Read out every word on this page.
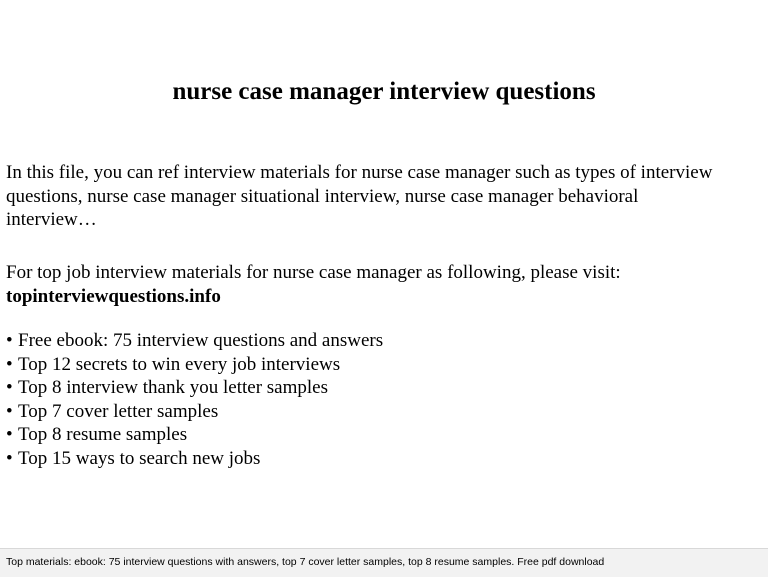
nurse case manager interview questions
In this file, you can ref interview materials for nurse case manager such as types of interview questions, nurse case manager situational interview, nurse case manager behavioral interview…
For top job interview materials for nurse case manager as following, please visit:
topinterviewquestions.info
• Free ebook: 75 interview questions and answers
• Top 12 secrets to win every job interviews
• Top 8 interview thank you letter samples
• Top 7 cover letter samples
• Top 8 resume samples
• Top 15 ways to search new jobs
Top materials: ebook: 75 interview questions with answers, top 7 cover letter samples, top 8 resume samples. Free pdf download
